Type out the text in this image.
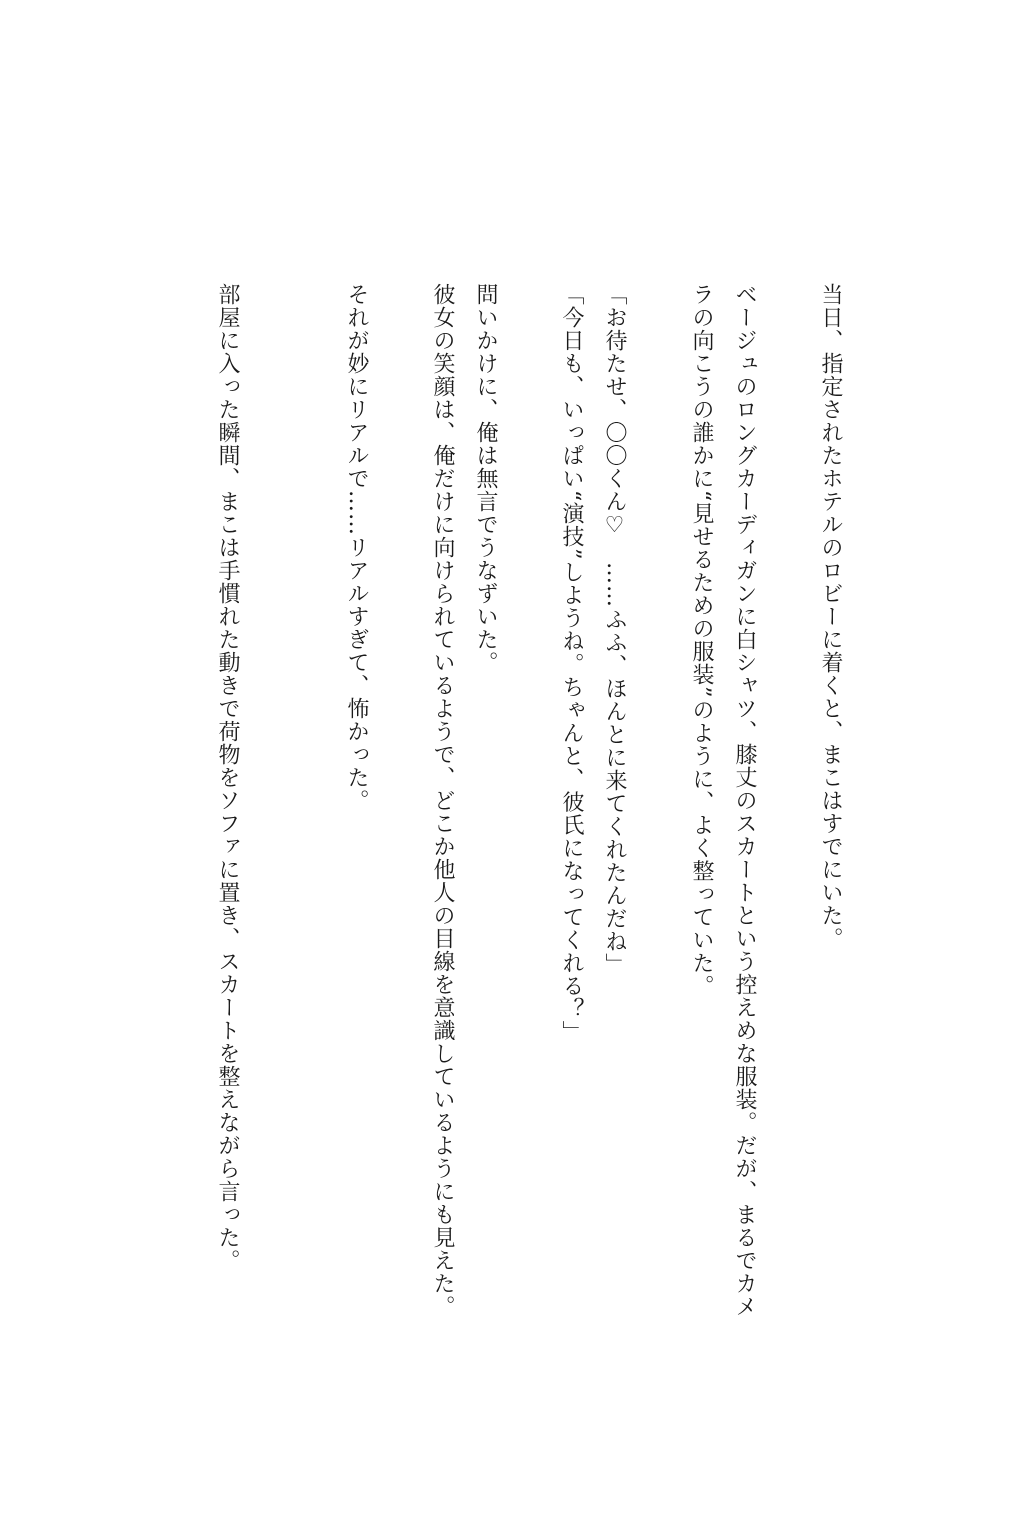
当日、指定されたホテルのロビーに着くと、まこはすでにいた。
ベージュのロングカーディガンに白シャツ、膝丈のスカートという控えめな服装。だが、まるでカメ
ラの向こうの誰かに“見せるための服装”のように、よく整っていた。
「お待たせ、〇〇くん♡　……ふふ、ほんとに来てくれたんだね」
「今日も、いっぱい“演技”しようね。ちゃんと、彼氏になってくれる？」
問いかけに、俺は無言でうなずいた。
彼女の笑顔は、俺だけに向けられているようで、どこか他人の目線を意識しているようにも見えた。
それが妙にリアルで……リアルすぎて、怖かった。
部屋に入った瞬間、まこは手慣れた動きで荷物をソファに置き、スカートを整えながら言った。
